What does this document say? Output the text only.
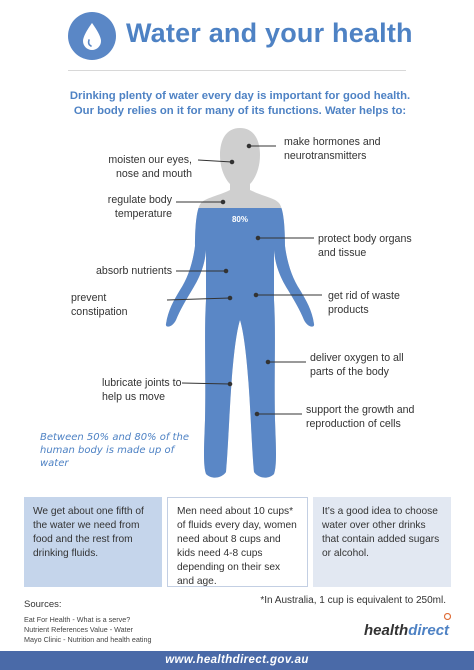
Water and your health
Drinking plenty of water every day is important for good health. Our body relies on it for many of its functions. Water helps to:
80%
moisten our eyes, nose and mouth
regulate body temperature
absorb nutrients
prevent constipation
lubricate joints to help us move
make hormones and neurotransmitters
protect body organs and tissue
get rid of waste products
deliver oxygen to all parts of the body
support the growth and reproduction of cells
Between 50% and 80% of the human body is made up of water
We get about one fifth of the water we need from food and the rest from drinking fluids.
Men need about 10 cups* of fluids every day, women need about 8 cups and kids need 4-8 cups depending on their sex and age.
It’s a good idea to choose water over other drinks that contain added sugars or alcohol.
*In Australia, 1 cup is equivalent to 250ml.
Sources:
Eat For Health - What is a serve?
Nutrient References Value - Water
Mayo Clinic - Nutrition and health eating
healthdirect
www.healthdirect.gov.au
